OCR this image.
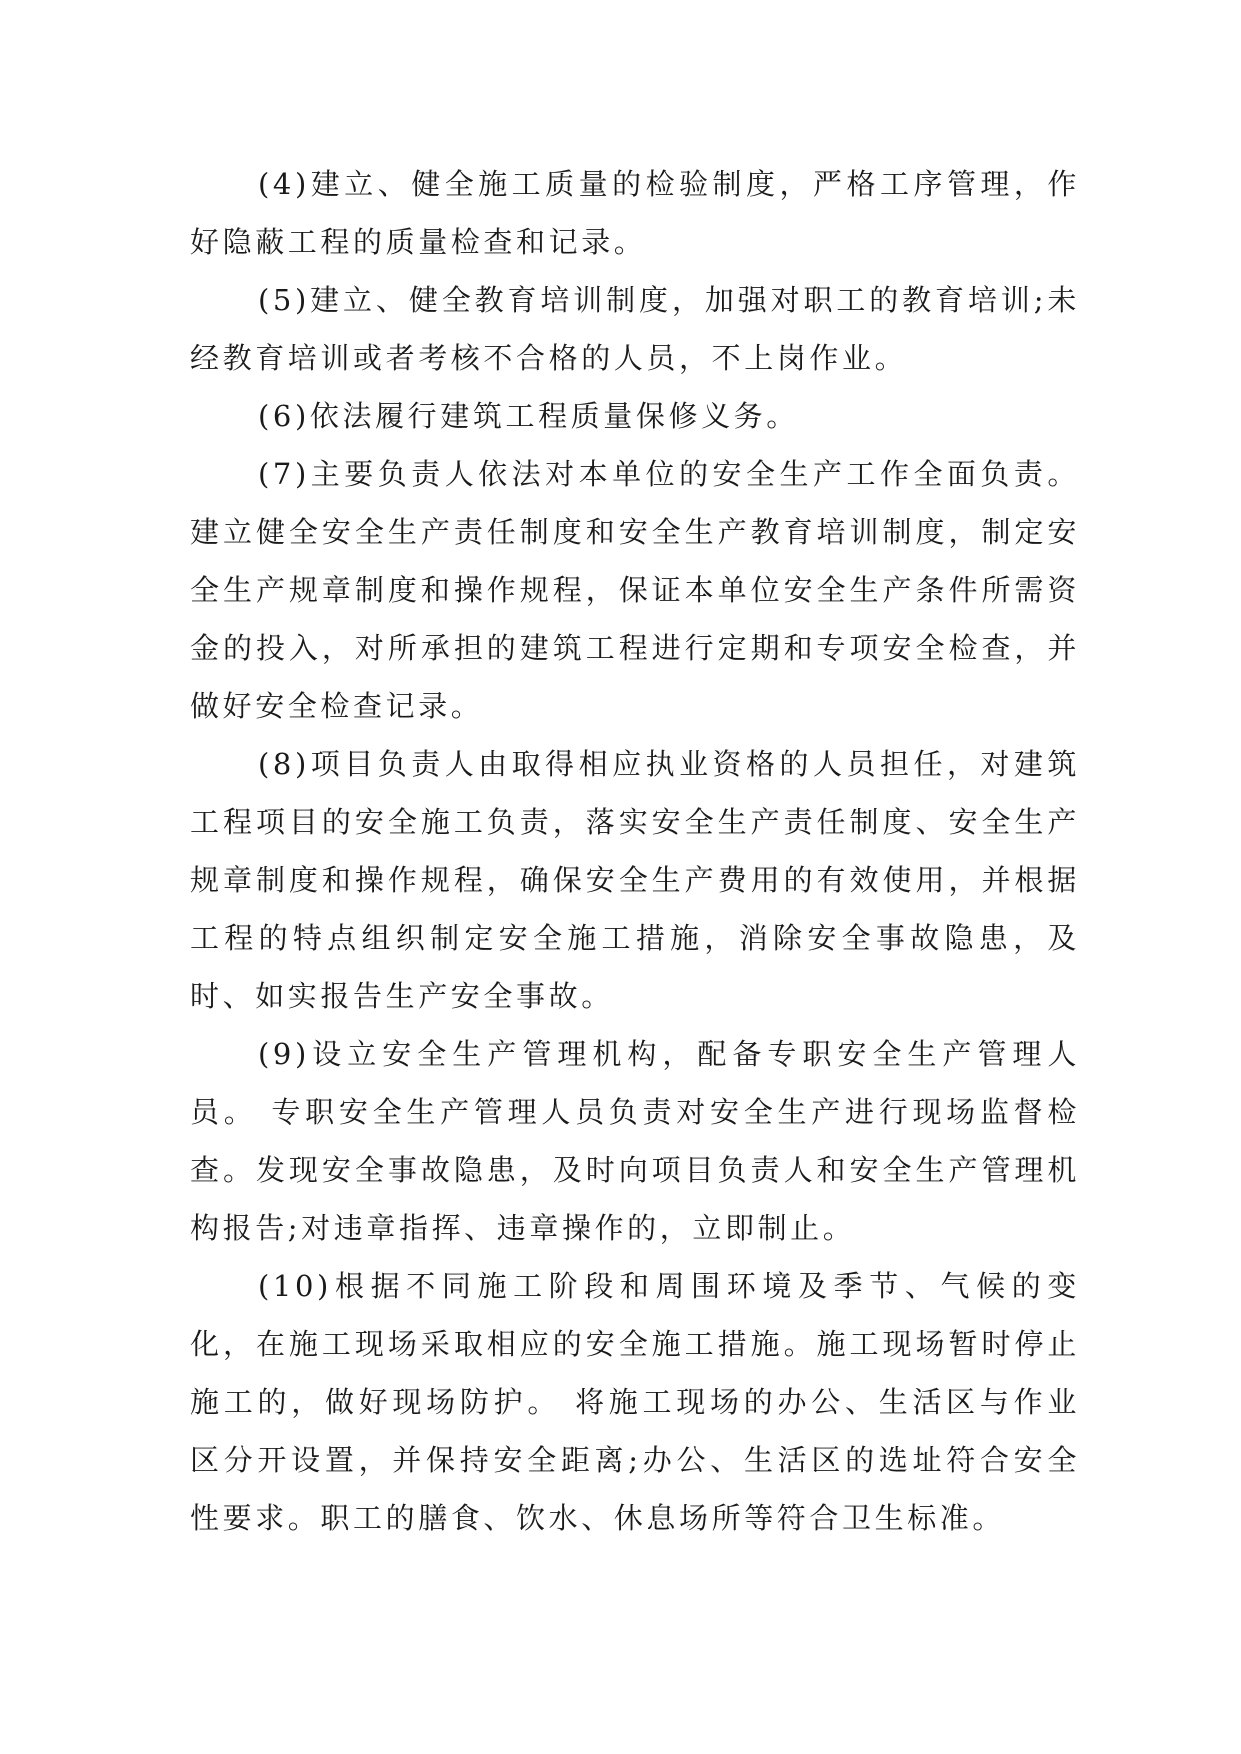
(4)建立、健全施工质量的检验制度，严格工序管理，作好隐蔽工程的质量检查和记录。

(5)建立、健全教育培训制度，加强对职工的教育培训;未经教育培训或者考核不合格的人员，不上岗作业。

(6)依法履行建筑工程质量保修义务。

(7)主要负责人依法对本单位的安全生产工作全面负责。建立健全安全生产责任制度和安全生产教育培训制度，制定安全生产规章制度和操作规程，保证本单位安全生产条件所需资金的投入，对所承担的建筑工程进行定期和专项安全检查，并做好安全检查记录。

(8)项目负责人由取得相应执业资格的人员担任，对建筑工程项目的安全施工负责，落实安全生产责任制度、安全生产规章制度和操作规程，确保安全生产费用的有效使用，并根据工程的特点组织制定安全施工措施，消除安全事故隐患，及时、如实报告生产安全事故。

(9)设立安全生产管理机构，配备专职安全生产管理人员。 专职安全生产管理人员负责对安全生产进行现场监督检查。发现安全事故隐患，及时向项目负责人和安全生产管理机构报告;对违章指挥、违章操作的，立即制止。

(10)根据不同施工阶段和周围环境及季节、气候的变化，在施工现场采取相应的安全施工措施。施工现场暂时停止施工的，做好现场防护。 将施工现场的办公、生活区与作业区分开设置，并保持安全距离;办公、生活区的选址符合安全性要求。职工的膳食、饮水、休息场所等符合卫生标准。
